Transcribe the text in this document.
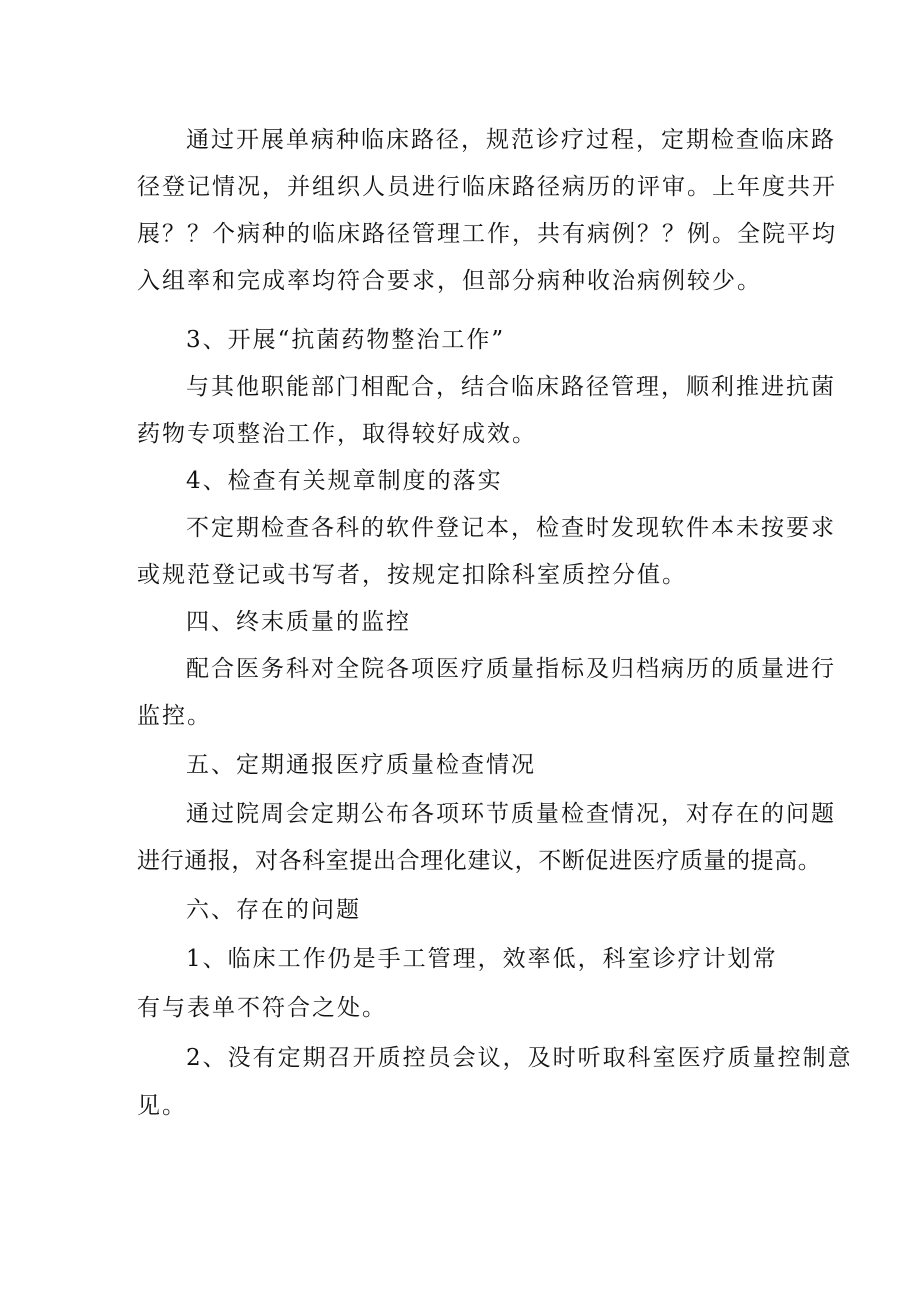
通过开展单病种临床路径，规范诊疗过程，定期检查临床路
径登记情况，并组织人员进行临床路径病历的评审。上年度共开
展？？个病种的临床路径管理工作，共有病例？？例。全院平均
入组率和完成率均符合要求，但部分病种收治病例较少。
3、开展“抗菌药物整治工作”
与其他职能部门相配合，结合临床路径管理，顺利推进抗菌
药物专项整治工作，取得较好成效。
4、检查有关规章制度的落实
不定期检查各科的软件登记本，检查时发现软件本未按要求
或规范登记或书写者，按规定扣除科室质控分值。
四、终末质量的监控
配合医务科对全院各项医疗质量指标及归档病历的质量进行
监控。
五、定期通报医疗质量检查情况
通过院周会定期公布各项环节质量检查情况，对存在的问题
进行通报，对各科室提出合理化建议，不断促进医疗质量的提高。
六、存在的问题
1、临床工作仍是手工管理，效率低，科室诊疗计划常
有与表单不符合之处。
2、没有定期召开质控员会议，及时听取科室医疗质量控制意
见。
